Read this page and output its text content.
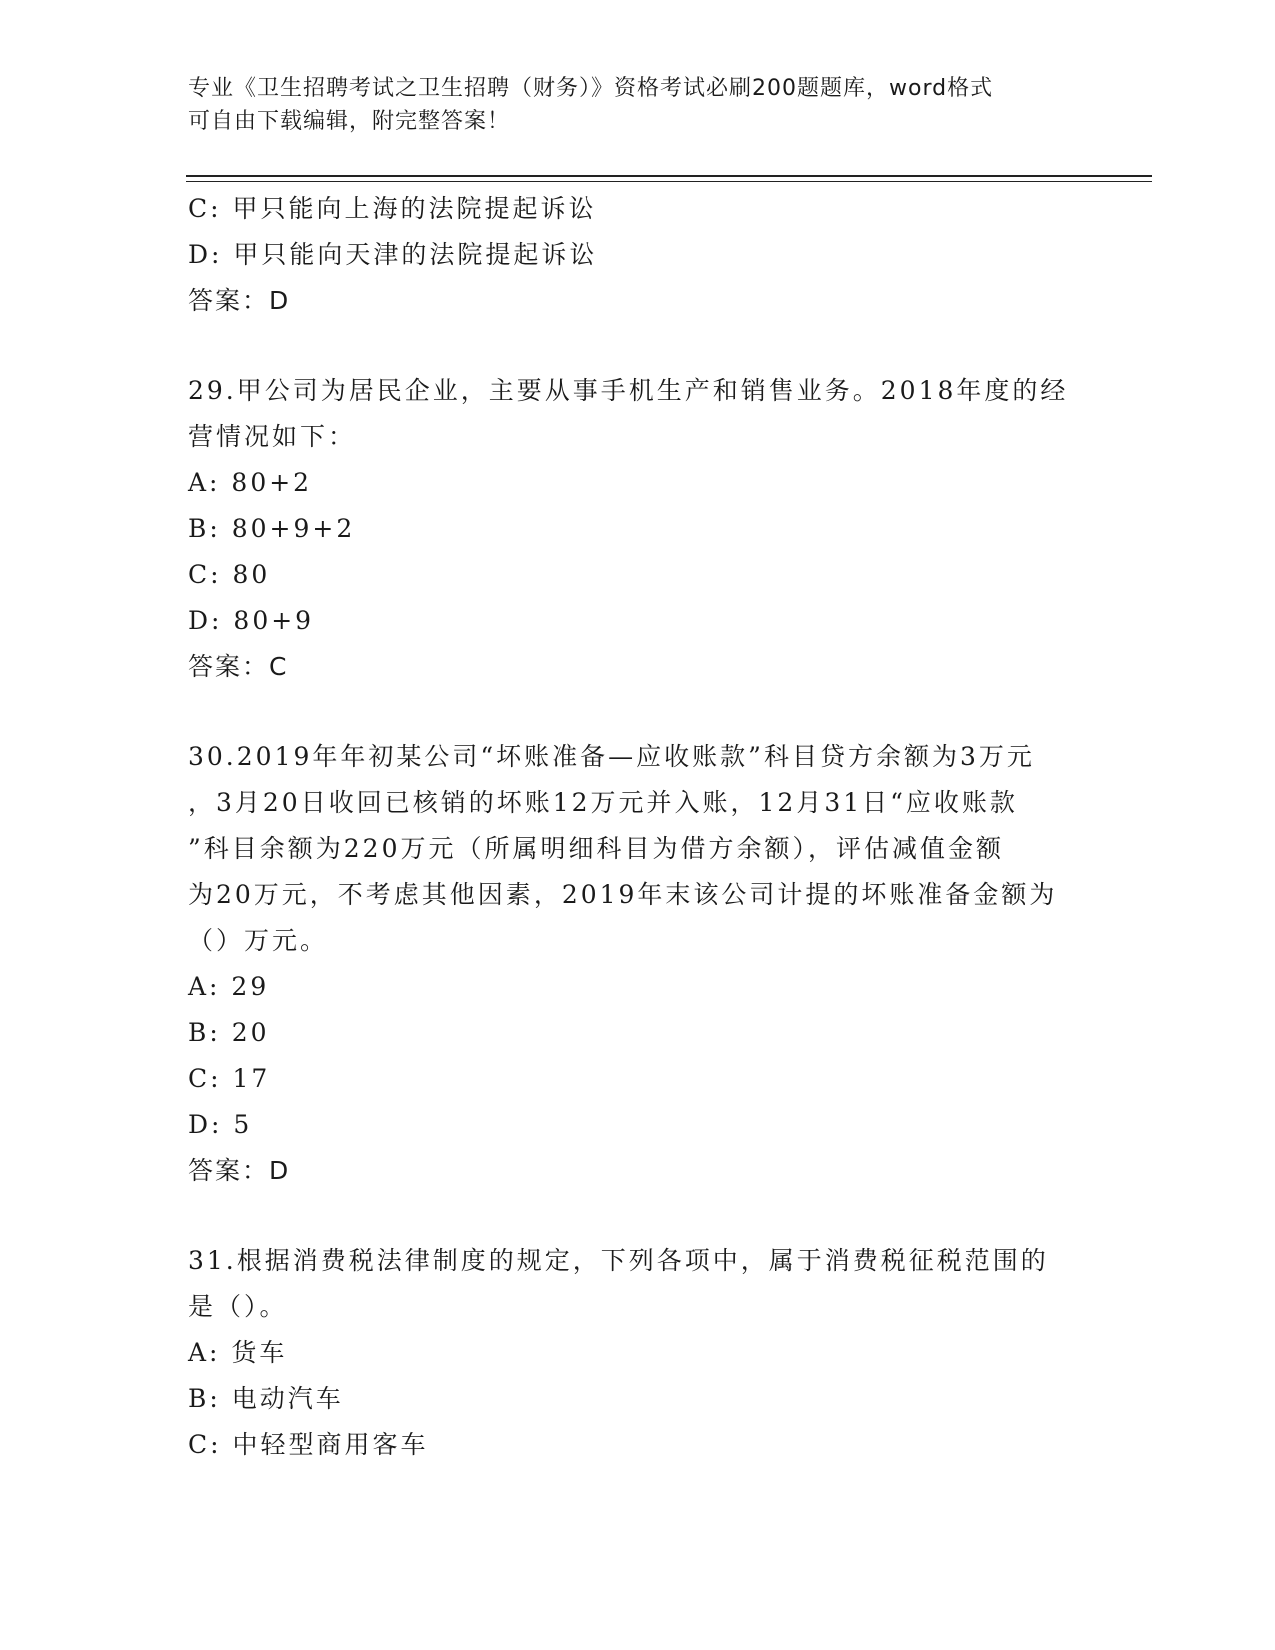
专业《卫生招聘考试之卫生招聘（财务）》资格考试必刷200题题库，word格式
可自由下载编辑，附完整答案！
C: 甲只能向上海的法院提起诉讼
D: 甲只能向天津的法院提起诉讼
答案：D
29.甲公司为居民企业，主要从事手机生产和销售业务。2018年度的经
营情况如下：
A: 80+2
B: 80+9+2
C: 80
D: 80+9
答案：C
30.2019年年初某公司“坏账准备—应收账款”科目贷方余额为3万元
，3月20日收回已核销的坏账12万元并入账，12月31日“应收账款
”科目余额为220万元（所属明细科目为借方余额），评估减值金额
为20万元，不考虑其他因素，2019年末该公司计提的坏账准备金额为
（）万元。
A: 29
B: 20
C: 17
D: 5
答案：D
31.根据消费税法律制度的规定，下列各项中，属于消费税征税范围的
是（）。
A: 货车
B: 电动汽车
C: 中轻型商用客车
